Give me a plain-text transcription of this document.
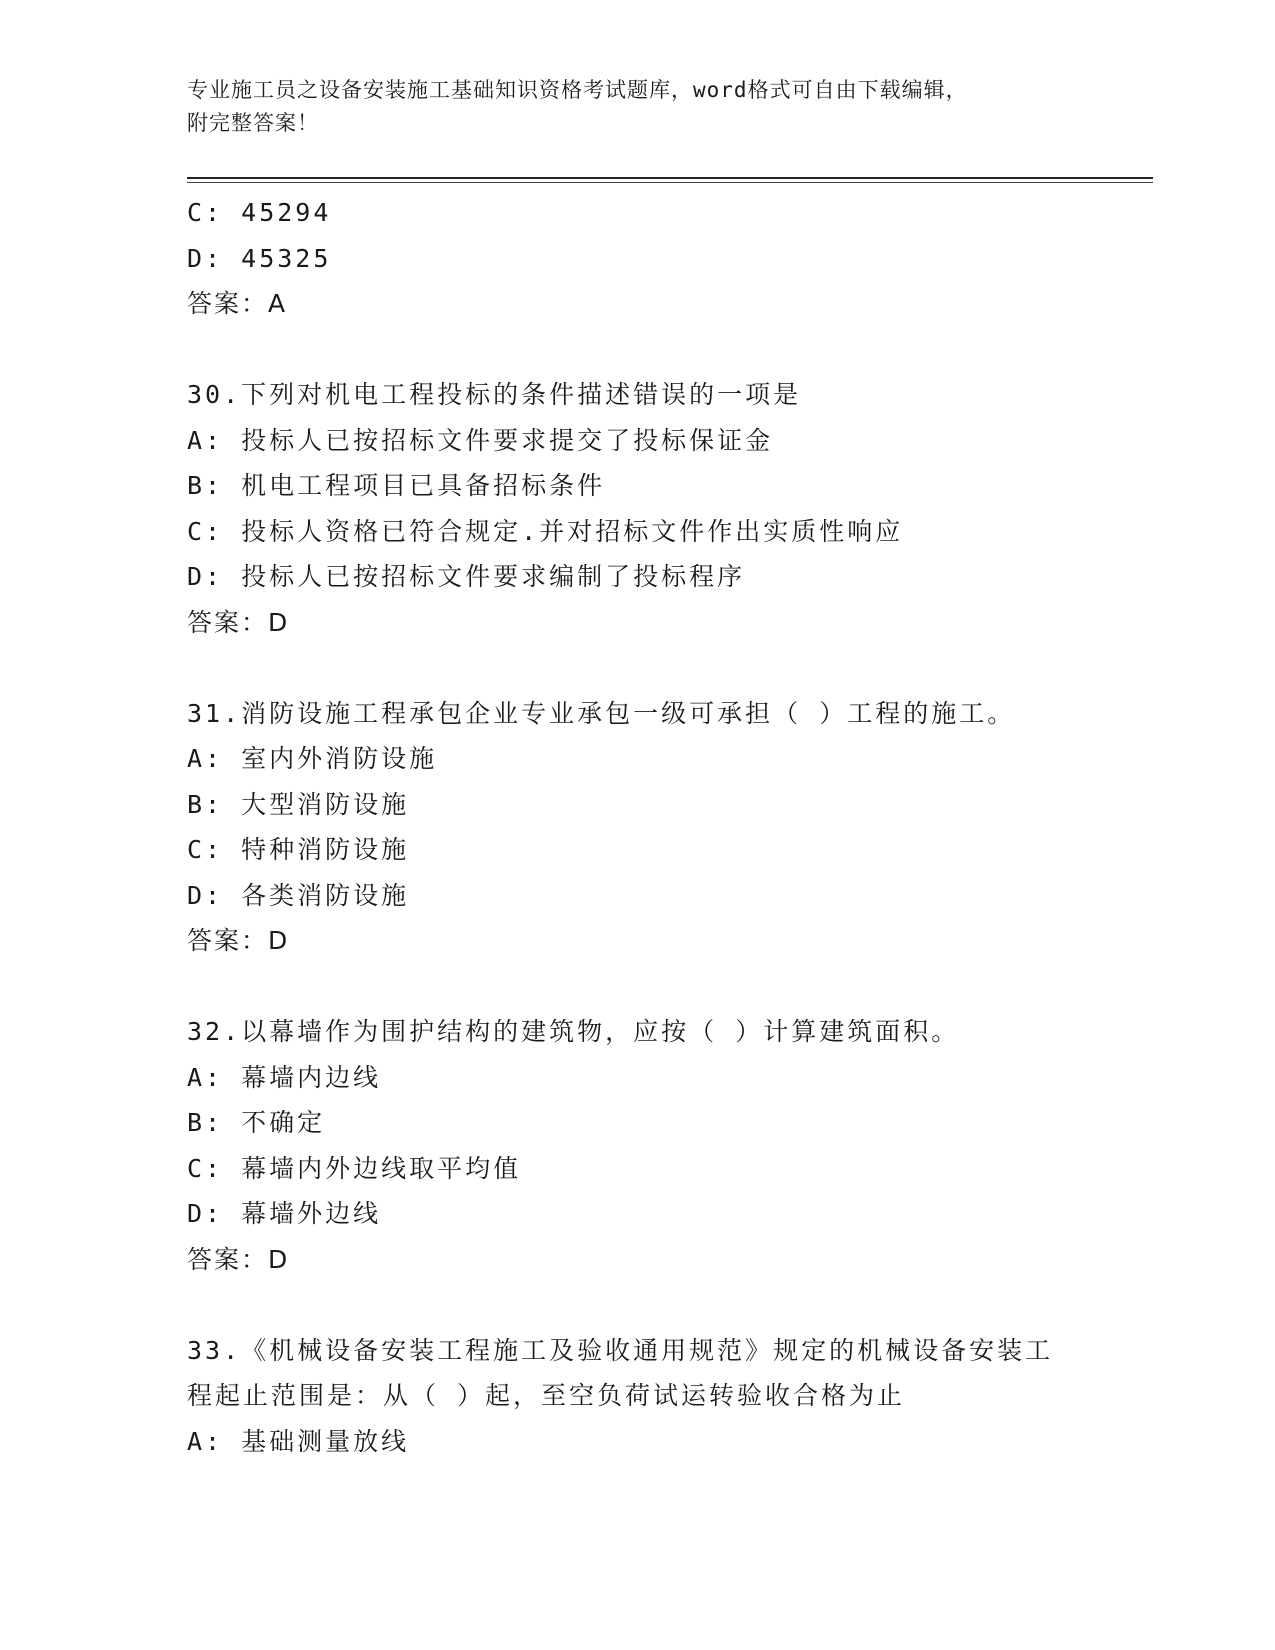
专业施工员之设备安装施工基础知识资格考试题库，word格式可自由下载编辑，
附完整答案！
C: 45294
D: 45325
答案：A
30.下列对机电工程投标的条件描述错误的一项是
A: 投标人已按招标文件要求提交了投标保证金
B: 机电工程项目已具备招标条件
C: 投标人资格已符合规定.并对招标文件作出实质性响应
D: 投标人已按招标文件要求编制了投标程序
答案：D
31.消防设施工程承包企业专业承包一级可承担（ ）工程的施工。
A: 室内外消防设施
B: 大型消防设施
C: 特种消防设施
D: 各类消防设施
答案：D
32.以幕墙作为围护结构的建筑物，应按（ ）计算建筑面积。
A: 幕墙内边线
B: 不确定
C: 幕墙内外边线取平均值
D: 幕墙外边线
答案：D
33.《机械设备安装工程施工及验收通用规范》规定的机械设备安装工
程起止范围是：从（ ）起，至空负荷试运转验收合格为止
A: 基础测量放线
